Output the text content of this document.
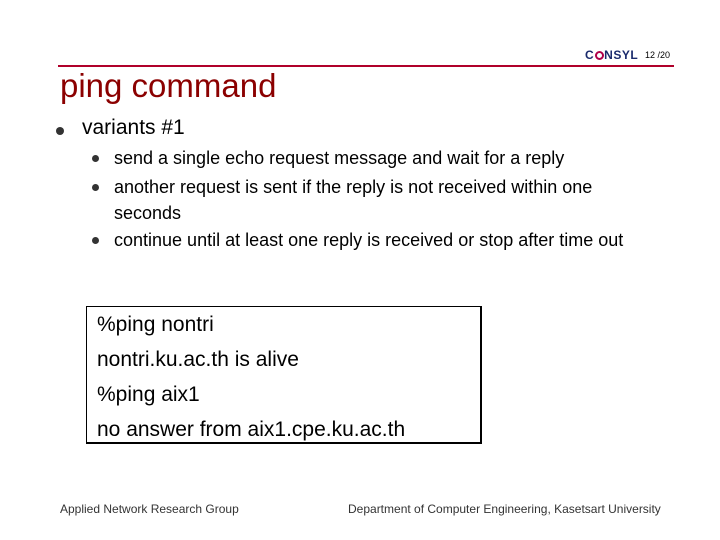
C NSYL 12 /20
ping command
variants #1
send a single echo request message and wait for a reply
another request is sent if the reply is not received within one seconds
continue until at least one reply is received or stop after time out
%ping nontri
nontri.ku.ac.th is alive
%ping aix1
no answer from aix1.cpe.ku.ac.th
Applied Network Research Group	Department of Computer Engineering, Kasetsart University
